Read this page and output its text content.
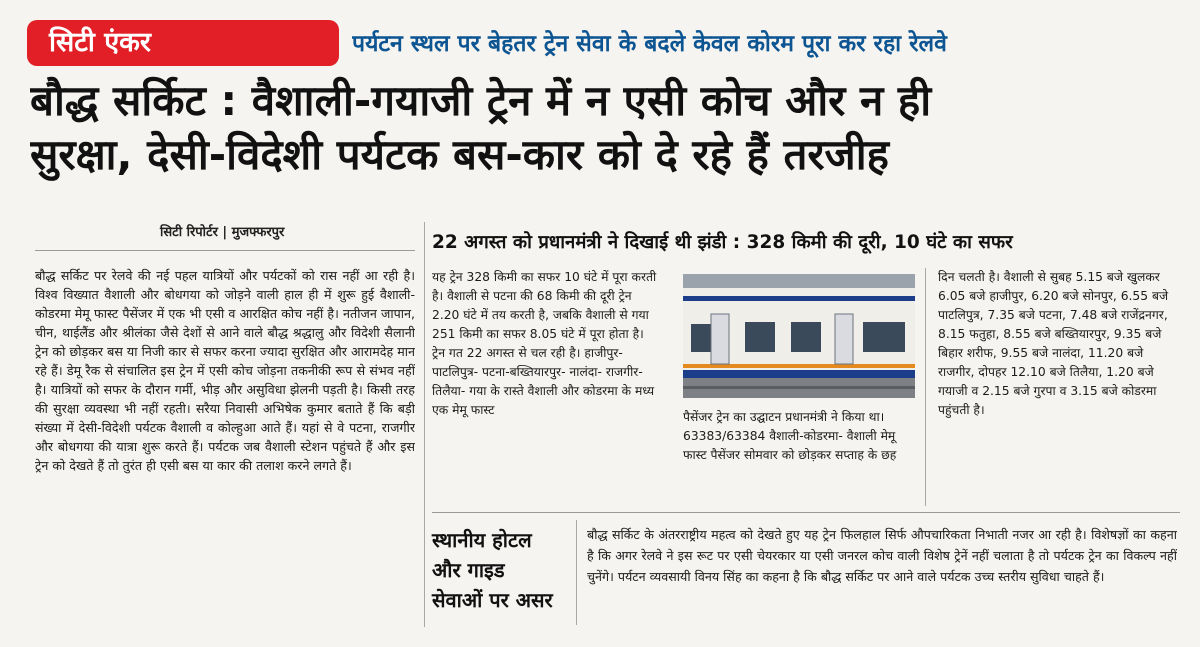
सिटी एंकर	पर्यटन स्थल पर बेहतर ट्रेन सेवा के बदले केवल कोरम पूरा कर रहा रेलवे
बौद्ध सर्किट : वैशाली-गयाजी ट्रेन में न एसी कोच और न ही
सुरक्षा, देसी-विदेशी पर्यटक बस-कार को दे रहे हैं तरजीह
सिटी रिपोर्टर | मुजफ्फरपुर
बौद्ध सर्किट पर रेलवे की नई पहल यात्रियों और पर्यटकों को रास नहीं आ रही है। विश्व विख्यात वैशाली और बोधगया को जोड़ने वाली हाल ही में शुरू हुई वैशाली-कोडरमा मेमू फास्ट पैसेंजर में एक भी एसी व आरक्षित कोच नहीं है। नतीजन जापान, चीन, थाईलैंड और श्रीलंका जैसे देशों से आने वाले बौद्ध श्रद्धालु और विदेशी सैलानी ट्रेन को छोड़कर बस या निजी कार से सफर करना ज्यादा सुरक्षित और आरामदेह मान रहे हैं। डेमू रैक से संचालित इस ट्रेन में एसी कोच जोड़ना तकनीकी रूप से संभव नहीं है। यात्रियों को सफर के दौरान गर्मी, भीड़ और असुविधा झेलनी पड़ती है। किसी तरह की सुरक्षा व्यवस्था भी नहीं रहती। सरैया निवासी अभिषेक कुमार बताते हैं कि बड़ी संख्या में देसी-विदेशी पर्यटक वैशाली व कोल्हुआ आते हैं। यहां से वे पटना, राजगीर और बोधगया की यात्रा शुरू करते हैं। पर्यटक जब वैशाली स्टेशन पहुंचते हैं और इस ट्रेन को देखते हैं तो तुरंत ही एसी बस या कार की तलाश करने लगते हैं।
22 अगस्त को प्रधानमंत्री ने दिखाई थी झंडी : 328 किमी की दूरी, 10 घंटे का सफर
यह ट्रेन 328 किमी का सफर 10 घंटे में पूरा करती है। वैशाली से पटना की 68 किमी की दूरी ट्रेन 2.20 घंटे में तय करती है, जबकि वैशाली से गया 251 किमी का सफर 8.05 घंटे में पूरा होता है। ट्रेन गत 22 अगस्त से चल रही है। हाजीपुर-पाटलिपुत्र- पटना-बख्तियारपुर- नालंदा- राजगीर-तिलैया- गया के रास्ते वैशाली और कोडरमा के मध्य एक मेमू फास्ट	पैसेंजर ट्रेन का उद्घाटन प्रधानमंत्री ने किया था। 63383/63384 वैशाली-कोडरमा- वैशाली मेमू फास्ट पैसेंजर सोमवार को छोड़कर सप्ताह के छह
दिन चलती है। वैशाली से सुबह 5.15 बजे खुलकर 6.05 बजे हाजीपुर, 6.20 बजे सोनपुर, 6.55 बजे पाटलिपुत्र, 7.35 बजे पटना, 7.48 बजे राजेंद्रनगर, 8.15 फतुहा, 8.55 बजे बख्तियारपुर, 9.35 बजे बिहार शरीफ, 9.55 बजे नालंदा, 11.20 बजे राजगीर, दोपहर 12.10 बजे तिलैया, 1.20 बजे गयाजी व 2.15 बजे गुरपा व 3.15 बजे कोडरमा पहुंचती है।
स्थानीय होटल
और गाइड
सेवाओं पर असर
बौद्ध सर्किट के अंतरराष्ट्रीय महत्व को देखते हुए यह ट्रेन फिलहाल सिर्फ औपचारिकता निभाती नजर आ रही है। विशेषज्ञों का कहना है कि अगर रेलवे ने इस रूट पर एसी चेयरकार या एसी जनरल कोच वाली विशेष ट्रेनें नहीं चलाता है तो पर्यटक ट्रेन का विकल्प नहीं चुनेंगे। पर्यटन व्यवसायी विनय सिंह का कहना है कि बौद्ध सर्किट पर आने वाले पर्यटक उच्च स्तरीय सुविधा चाहते हैं।
